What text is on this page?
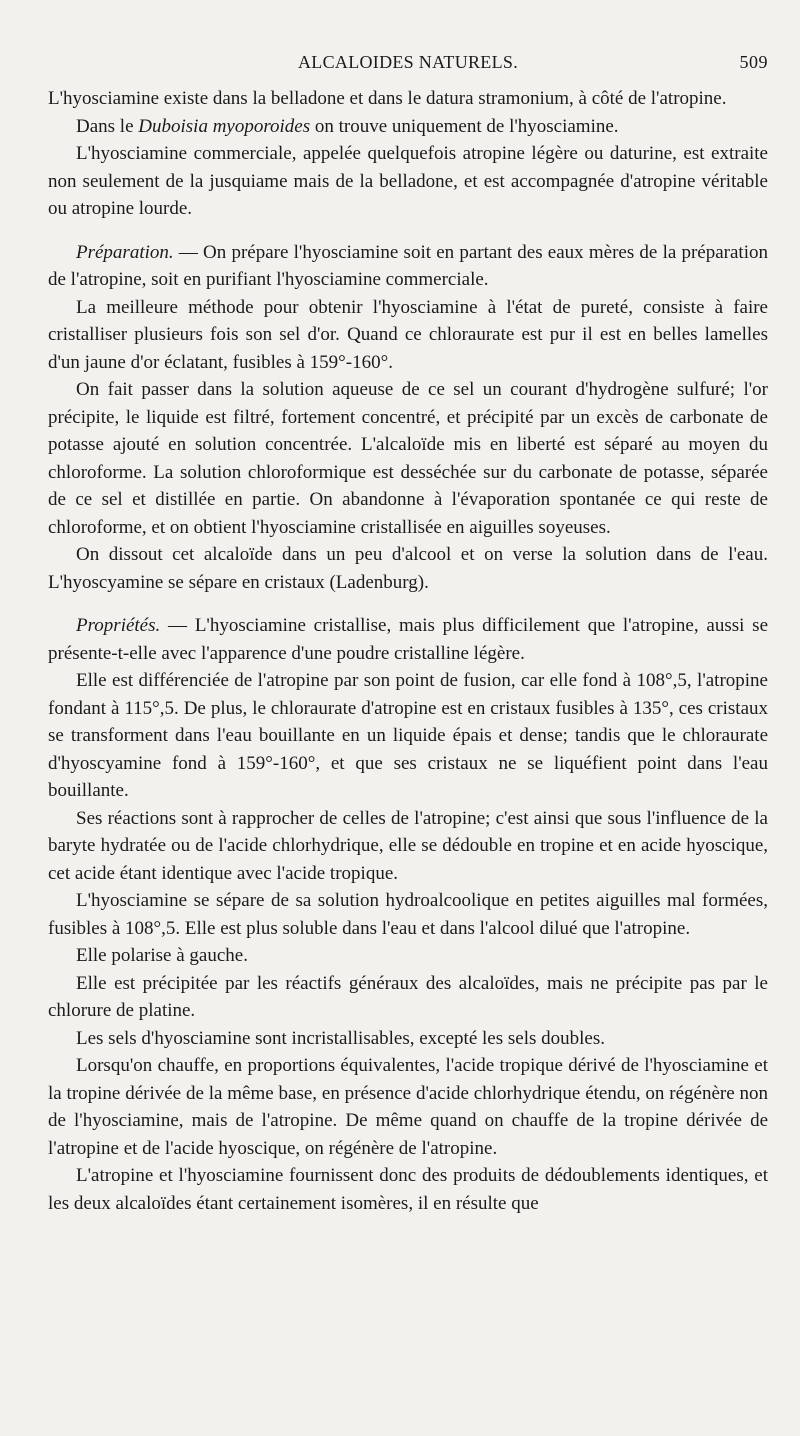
ALCALOIDES NATURELS.	509

L'hyosciamine existe dans la belladone et dans le datura stramonium, à côté de l'atropine.

Dans le Duboisia myoporoides on trouve uniquement de l'hyosciamine.

L'hyosciamine commerciale, appelée quelquefois atropine légère ou daturine, est extraite non seulement de la jusquiame mais de la belladone, et est accompagnée d'atropine véritable ou atropine lourde.

Préparation. — On prépare l'hyosciamine soit en partant des eaux mères de la préparation de l'atropine, soit en purifiant l'hyosciamine commerciale.

La meilleure méthode pour obtenir l'hyosciamine à l'état de pureté, consiste à faire cristalliser plusieurs fois son sel d'or. Quand ce chloraurate est pur il est en belles lamelles d'un jaune d'or éclatant, fusibles à 159°-160°.

On fait passer dans la solution aqueuse de ce sel un courant d'hydrogène sulfuré; l'or précipite, le liquide est filtré, fortement concentré, et précipité par un excès de carbonate de potasse ajouté en solution concentrée. L'alcaloïde mis en liberté est séparé au moyen du chloroforme. La solution chloroformique est desséchée sur du carbonate de potasse, séparée de ce sel et distillée en partie. On abandonne à l'évaporation spontanée ce qui reste de chloroforme, et on obtient l'hyosciamine cristallisée en aiguilles soyeuses.

On dissout cet alcaloïde dans un peu d'alcool et on verse la solution dans de l'eau. L'hyoscyamine se sépare en cristaux (Ladenburg).

Propriétés. — L'hyosciamine cristallise, mais plus difficilement que l'atropine, aussi se présente-t-elle avec l'apparence d'une poudre cristalline légère.

Elle est différenciée de l'atropine par son point de fusion, car elle fond à 108°,5, l'atropine fondant à 115°,5. De plus, le chloraurate d'atropine est en cristaux fusibles à 135°, ces cristaux se transforment dans l'eau bouillante en un liquide épais et dense; tandis que le chloraurate d'hyoscyamine fond à 159°-160°, et que ses cristaux ne se liquéfient point dans l'eau bouillante.

Ses réactions sont à rapprocher de celles de l'atropine; c'est ainsi que sous l'influence de la baryte hydratée ou de l'acide chlorhydrique, elle se dédouble en tropine et en acide hyoscique, cet acide étant identique avec l'acide tropique.

L'hyosciamine se sépare de sa solution hydroalcoolique en petites aiguilles mal formées, fusibles à 108°,5. Elle est plus soluble dans l'eau et dans l'alcool dilué que l'atropine.

Elle polarise à gauche.

Elle est précipitée par les réactifs généraux des alcaloïdes, mais ne précipite pas par le chlorure de platine.

Les sels d'hyosciamine sont incristallisables, excepté les sels doubles.

Lorsqu'on chauffe, en proportions équivalentes, l'acide tropique dérivé de l'hyosciamine et la tropine dérivée de la même base, en présence d'acide chlorhydrique étendu, on régénère non de l'hyosciamine, mais de l'atropine. De même quand on chauffe de la tropine dérivée de l'atropine et de l'acide hyoscique, on régénère de l'atropine.

L'atropine et l'hyosciamine fournissent donc des produits de dédoublements identiques, et les deux alcaloïdes étant certainement isomères, il en résulte que
